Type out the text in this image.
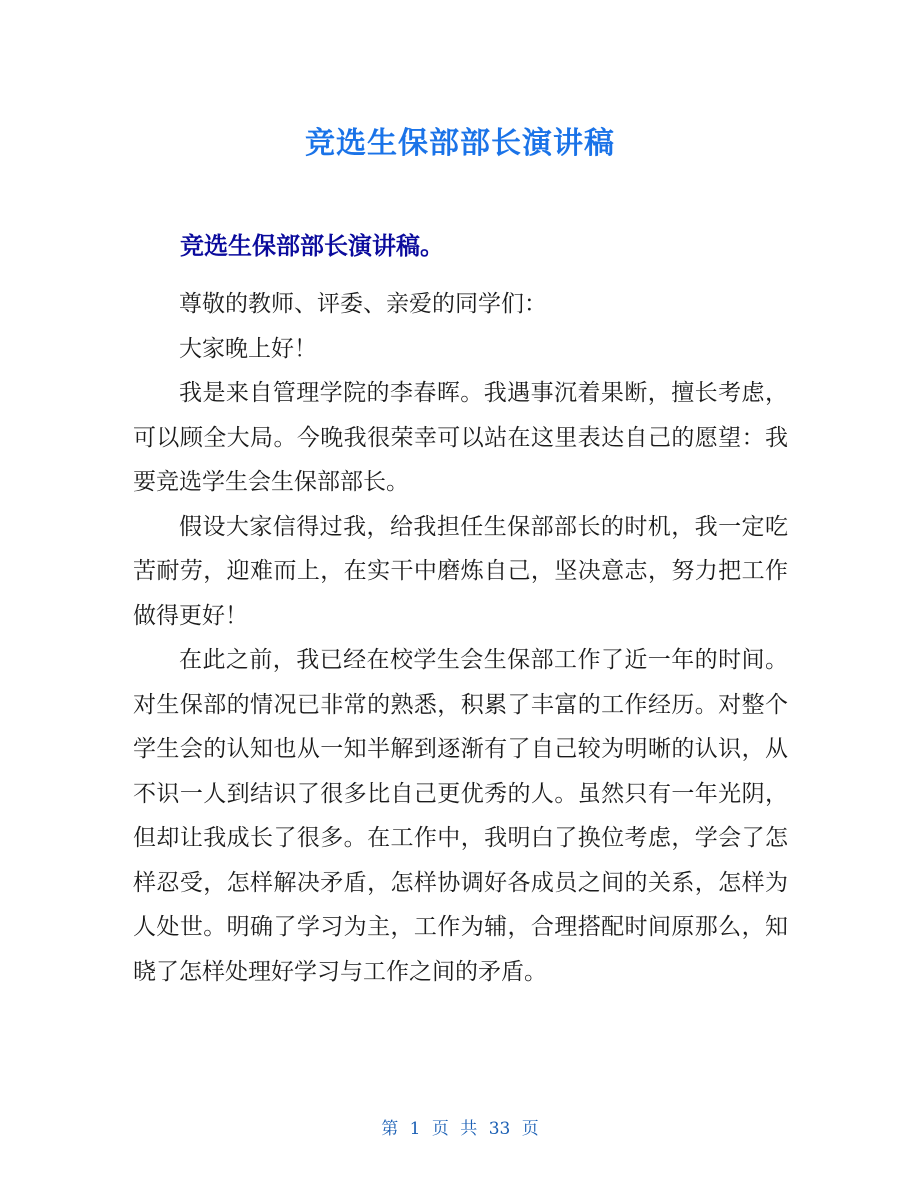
竞选生保部部长演讲稿
竞选生保部部长演讲稿。

尊敬的教师、评委、亲爱的同学们：

大家晚上好！

我是来自管理学院的李春晖。我遇事沉着果断，擅长考虑，可以顾全大局。今晚我很荣幸可以站在这里表达自己的愿望：我要竞选学生会生保部部长。

假设大家信得过我，给我担任生保部部长的时机，我一定吃苦耐劳，迎难而上，在实干中磨炼自己，坚决意志，努力把工作做得更好！

在此之前，我已经在校学生会生保部工作了近一年的时间。对生保部的情况已非常的熟悉，积累了丰富的工作经历。对整个学生会的认知也从一知半解到逐渐有了自己较为明晰的认识，从不识一人到结识了很多比自己更优秀的人。虽然只有一年光阴，但却让我成长了很多。在工作中，我明白了换位考虑，学会了怎样忍受，怎样解决矛盾，怎样协调好各成员之间的关系，怎样为人处世。明确了学习为主，工作为辅，合理搭配时间原那么，知晓了怎样处理好学习与工作之间的矛盾。

第 1 页 共 33 页
